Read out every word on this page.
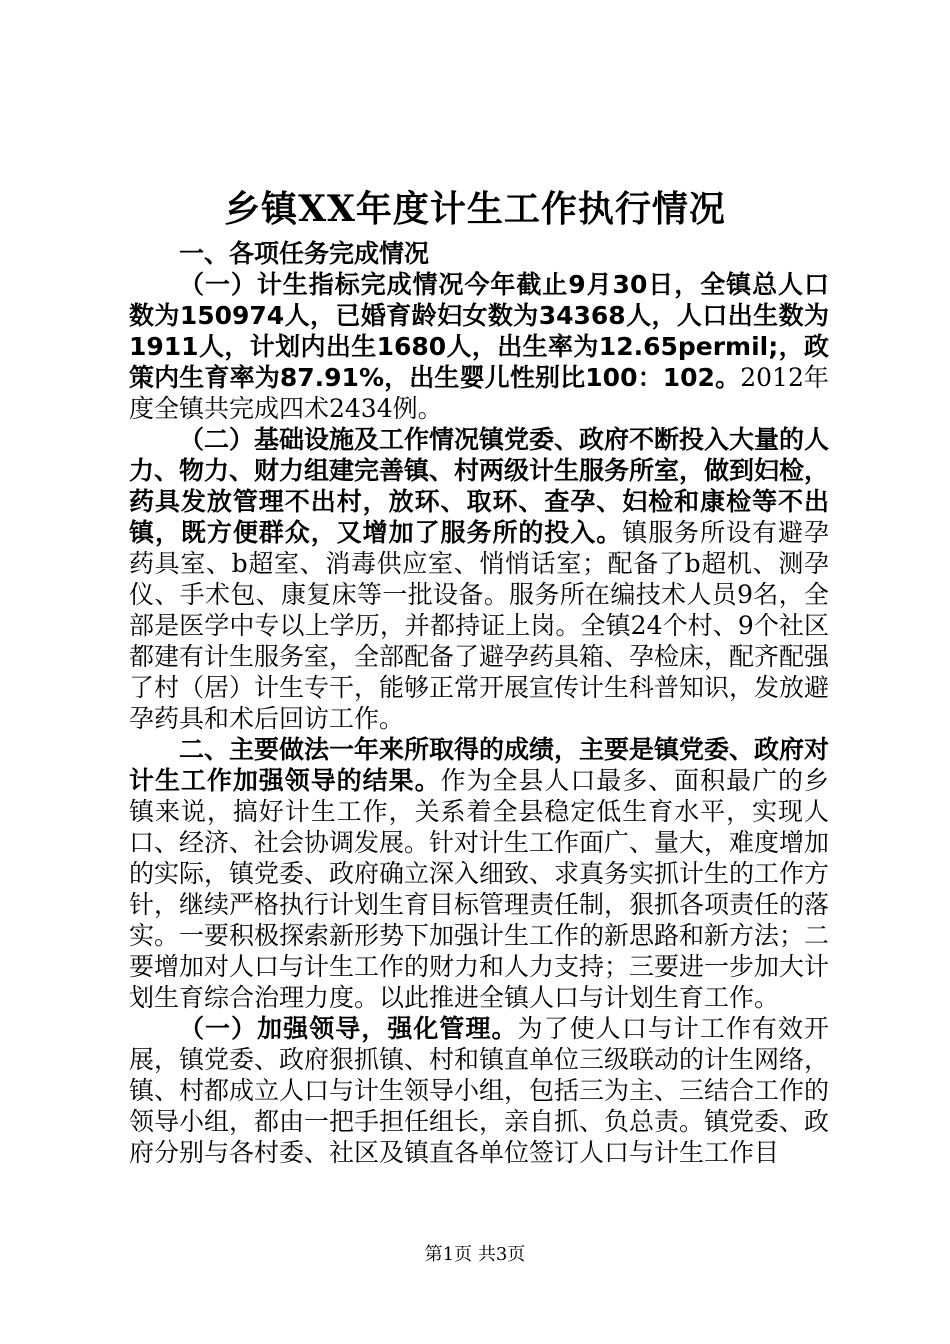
乡镇XX年度计生工作执行情况

一、各项任务完成情况

（一）计生指标完成情况今年截止9月30日，全镇总人口数为150974人，已婚育龄妇女数为34368人，人口出生数为1911人，计划内出生1680人，出生率为12.65permil;，政策内生育率为87.91%，出生婴儿性别比100：102。2012年度全镇共完成四术2434例。

（二）基础设施及工作情况镇党委、政府不断投入大量的人力、物力、财力组建完善镇、村两级计生服务所室，做到妇检，药具发放管理不出村，放环、取环、查孕、妇检和康检等不出镇，既方便群众，又增加了服务所的投入。镇服务所设有避孕药具室、b超室、消毒供应室、悄悄话室；配备了b超机、测孕仪、手术包、康复床等一批设备。服务所在编技术人员9名，全部是医学中专以上学历，并都持证上岗。全镇24个村、9个社区都建有计生服务室，全部配备了避孕药具箱、孕检床，配齐配强了村（居）计生专干，能够正常开展宣传计生科普知识，发放避孕药具和术后回访工作。

二、主要做法一年来所取得的成绩，主要是镇党委、政府对计生工作加强领导的结果。作为全县人口最多、面积最广的乡镇来说，搞好计生工作，关系着全县稳定低生育水平，实现人口、经济、社会协调发展。针对计生工作面广、量大，难度增加的实际，镇党委、政府确立深入细致、求真务实抓计生的工作方针，继续严格执行计划生育目标管理责任制，狠抓各项责任的落实。一要积极探索新形势下加强计生工作的新思路和新方法；二要增加对人口与计生工作的财力和人力支持；三要进一步加大计划生育综合治理力度。以此推进全镇人口与计划生育工作。

（一）加强领导，强化管理。为了使人口与计工作有效开展，镇党委、政府狠抓镇、村和镇直单位三级联动的计生网络，镇、村都成立人口与计生领导小组，包括三为主、三结合工作的领导小组，都由一把手担任组长，亲自抓、负总责。镇党委、政府分别与各村委、社区及镇直各单位签订人口与计生工作目

第1页 共3页
